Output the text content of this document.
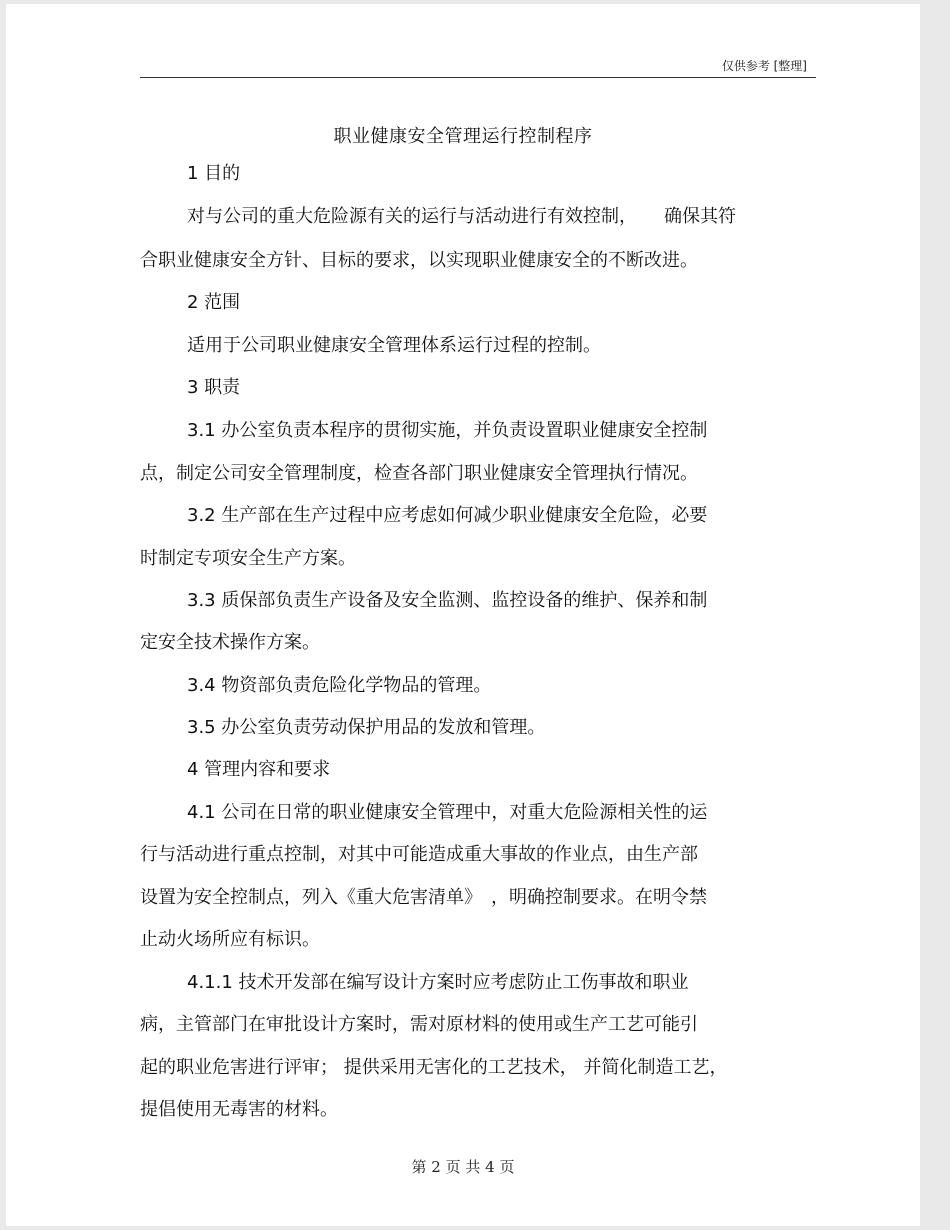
仅供参考 [整理]
职业健康安全管理运行控制程序
1 目的
对与公司的重大危险源有关的运行与活动进行有效控制，　　确保其符
合职业健康安全方针、目标的要求，以实现职业健康安全的不断改进。
2 范围
适用于公司职业健康安全管理体系运行过程的控制。
3 职责
3.1 办公室负责本程序的贯彻实施，并负责设置职业健康安全控制
点，制定公司安全管理制度，检查各部门职业健康安全管理执行情况。
3.2 生产部在生产过程中应考虑如何减少职业健康安全危险，必要
时制定专项安全生产方案。
3.3 质保部负责生产设备及安全监测、监控设备的维护、保养和制
定安全技术操作方案。
3.4 物资部负责危险化学物品的管理。
3.5 办公室负责劳动保护用品的发放和管理。
4 管理内容和要求
4.1 公司在日常的职业健康安全管理中，对重大危险源相关性的运
行与活动进行重点控制，对其中可能造成重大事故的作业点，由生产部
设置为安全控制点，列入《重大危害清单》　，明确控制要求。在明令禁
止动火场所应有标识。
4.1.1 技术开发部在编写设计方案时应考虑防止工伤事故和职业
病，主管部门在审批设计方案时，需对原材料的使用或生产工艺可能引
起的职业危害进行评审； 提供采用无害化的工艺技术， 并简化制造工艺，
提倡使用无毒害的材料。
第 2 页 共 4 页
